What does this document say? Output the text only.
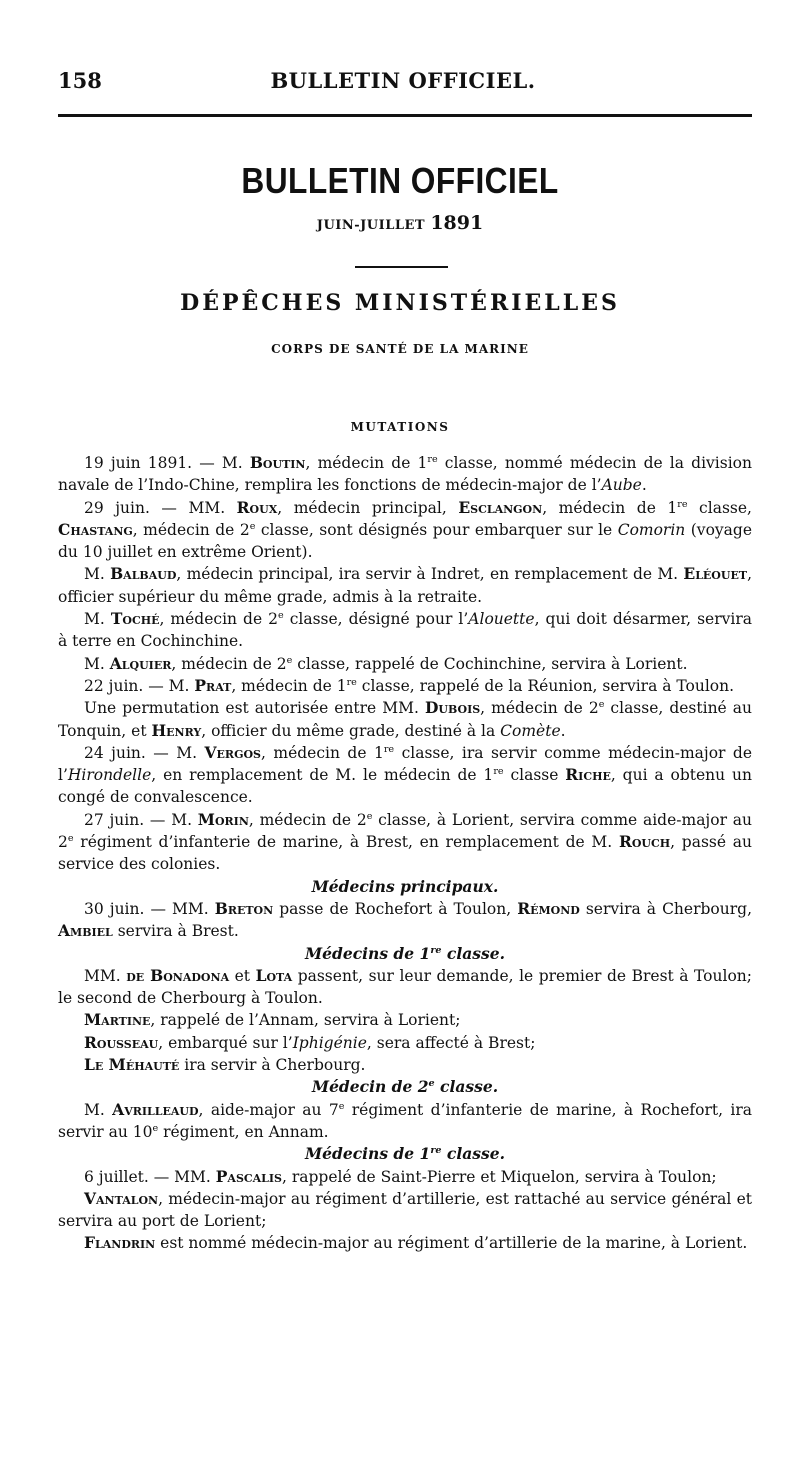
158	BULLETIN OFFICIEL.
BULLETIN OFFICIEL
JUIN-JUILLET 1891
DÉPÊCHES MINISTÉRIELLES
CORPS DE SANTÉ DE LA MARINE
MUTATIONS

19 juin 1891. — M. Boutin, médecin de 1re classe, nommé médecin de la division navale de l’Indo-Chine, remplira les fonctions de médecin-major de l’Aube.

29 juin. — MM. Roux, médecin principal, Esclangon, médecin de 1re classe, Chastang, médecin de 2e classe, sont désignés pour embarquer sur le Comorin (voyage du 10 juillet en extrême Orient).

M. Balbaud, médecin principal, ira servir à Indret, en remplacement de M. Eléouet, officier supérieur du même grade, admis à la retraite.

M. Toché, médecin de 2e classe, désigné pour l’Alouette, qui doit désarmer, servira à terre en Cochinchine.

M. Alquier, médecin de 2e classe, rappelé de Cochinchine, servira à Lorient.

22 juin. — M. Prat, médecin de 1re classe, rappelé de la Réunion, servira à Toulon.

Une permutation est autorisée entre MM. Dubois, médecin de 2e classe, destiné au Tonquin, et Henry, officier du même grade, destiné à la Comète.

24 juin. — M. Vergos, médecin de 1re classe, ira servir comme médecin-major de l’Hirondelle, en remplacement de M. le médecin de 1re classe Riche, qui a obtenu un congé de convalescence.

27 juin. — M. Morin, médecin de 2e classe, à Lorient, servira comme aide-major au 2e régiment d’infanterie de marine, à Brest, en remplacement de M. Rouch, passé au service des colonies.

Médecins principaux.

30 juin. — MM. Breton passe de Rochefort à Toulon, Rémond servira à Cherbourg, Ambiel servira à Brest.

Médecins de 1re classe.

MM. de Bonadona et Lota passent, sur leur demande, le premier de Brest à Toulon; le second de Cherbourg à Toulon.

Martine, rappelé de l’Annam, servira à Lorient;

Rousseau, embarqué sur l’Iphigénie, sera affecté à Brest;

Le Méhauté ira servir à Cherbourg.

Médecin de 2e classe.

M. Avrilleaud, aide-major au 7e régiment d’infanterie de marine, à Rochefort, ira servir au 10e régiment, en Annam.

Médecins de 1re classe.

6 juillet. — MM. Pascalis, rappelé de Saint-Pierre et Miquelon, servira à Toulon;

Vantalon, médecin-major au régiment d’artillerie, est rattaché au service général et servira au port de Lorient;

Flandrin est nommé médecin-major au régiment d’artillerie de la marine, à Lorient.
